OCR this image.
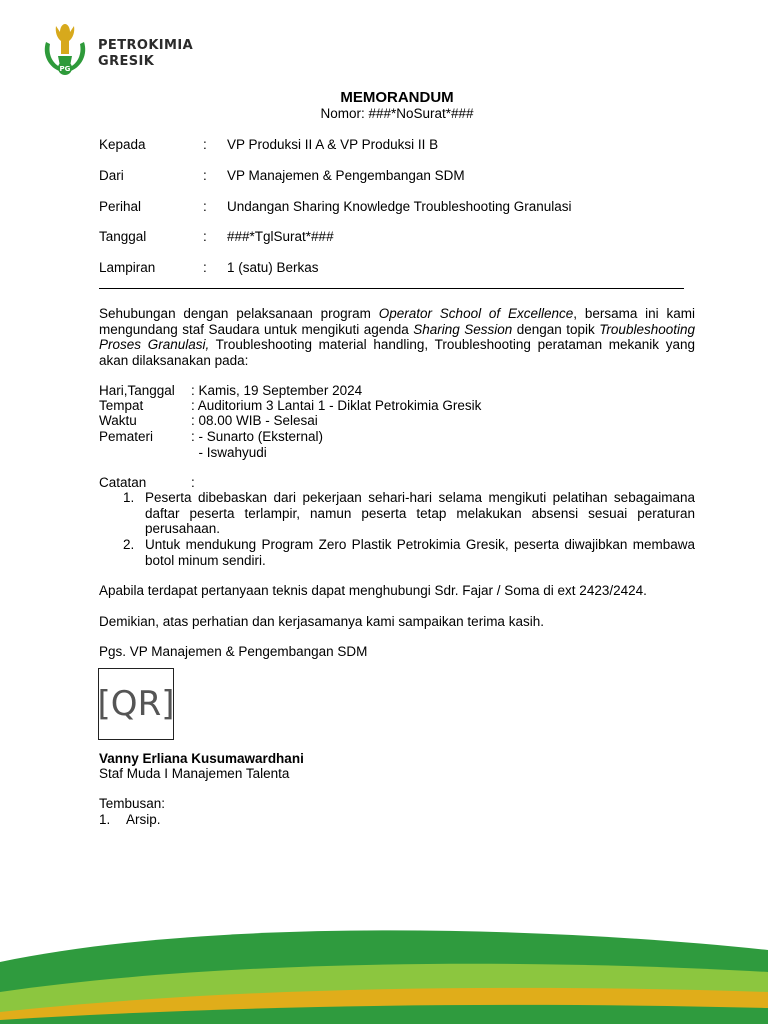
PG
PETROKIMIA
GRESIK
MEMORANDUM
Nomor: ###*NoSurat*###
Kepada	: VP Produksi II A & VP Produksi II B
Dari	: VP Manajemen & Pengembangan SDM
Perihal	: Undangan Sharing Knowledge Troubleshooting Granulasi
Tanggal	: ###*TglSurat*###
Lampiran	: 1 (satu) Berkas
Sehubungan dengan pelaksanaan program Operator School of Excellence, bersama ini kami mengundang staf Saudara untuk mengikuti agenda Sharing Session dengan topik Troubleshooting Proses Granulasi, Troubleshooting material handling, Troubleshooting perataman mekanik yang akan dilaksanakan pada:
Hari,Tanggal : Kamis, 19 September 2024
Tempat	: Auditorium 3 Lantai 1 - Diklat Petrokimia Gresik
Waktu	: 08.00 WIB - Selesai
Pemateri	: - Sunarto (Eksternal)
- Iswahyudi
Catatan	:
1. Peserta dibebaskan dari pekerjaan sehari-hari selama mengikuti pelatihan sebagaimana daftar peserta terlampir, namun peserta tetap melakukan absensi sesuai peraturan perusahaan.
2. Untuk mendukung Program Zero Plastik Petrokimia Gresik, peserta diwajibkan membawa botol minum sendiri.
Apabila terdapat pertanyaan teknis dapat menghubungi Sdr. Fajar / Soma di ext 2423/2424.
Demikian, atas perhatian dan kerjasamanya kami sampaikan terima kasih.
Pgs. VP Manajemen & Pengembangan SDM
[QR]
Vanny Erliana Kusumawardhani
Staf Muda I Manajemen Talenta
Tembusan:
1. Arsip.
